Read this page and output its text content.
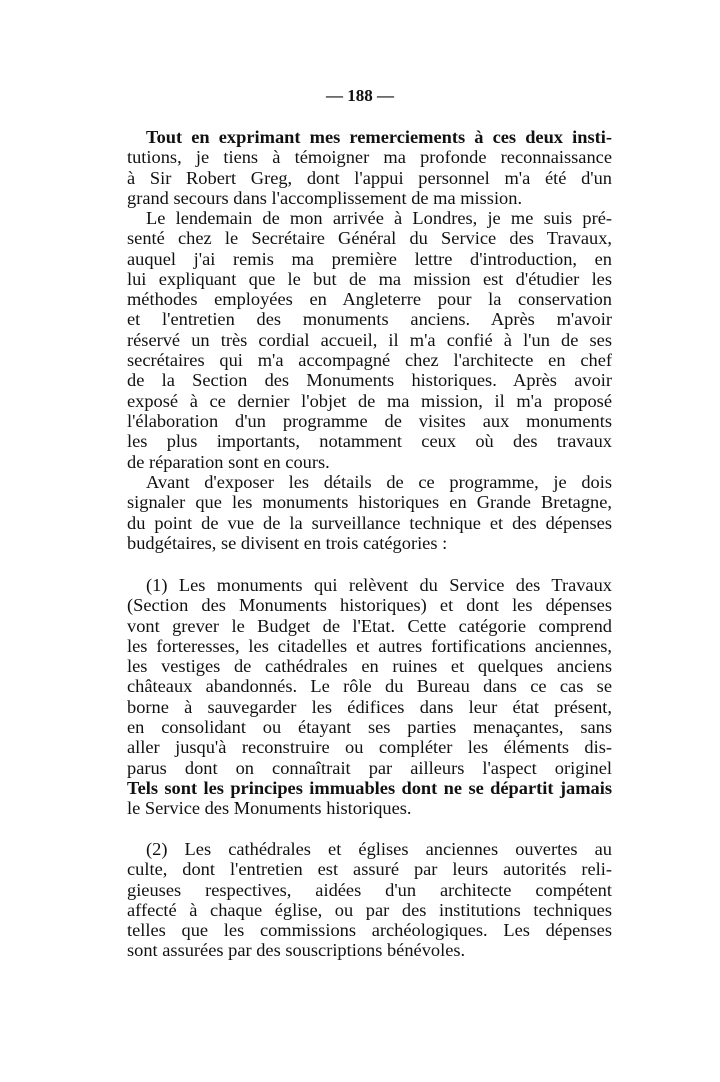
— 188 —
Tout en exprimant mes remerciements à ces deux insti-
tutions, je tiens à témoigner ma profonde reconnaissance
à Sir Robert Greg, dont l'appui personnel m'a été d'un
grand secours dans l'accomplissement de ma mission.
Le lendemain de mon arrivée à Londres, je me suis pré-
senté chez le Secrétaire Général du Service des Travaux,
auquel j'ai remis ma première lettre d'introduction, en
lui expliquant que le but de ma mission est d'étudier les
méthodes employées en Angleterre pour la conservation
et l'entretien des monuments anciens. Après m'avoir
réservé un très cordial accueil, il m'a confié à l'un de ses
secrétaires qui m'a accompagné chez l'architecte en chef
de la Section des Monuments historiques. Après avoir
exposé à ce dernier l'objet de ma mission, il m'a proposé
l'élaboration d'un programme de visites aux monuments
les plus importants, notamment ceux où des travaux
de réparation sont en cours.
Avant d'exposer les détails de ce programme, je dois
signaler que les monuments historiques en Grande Bretagne,
du point de vue de la surveillance technique et des dépenses
budgétaires, se divisent en trois catégories :
(1) Les monuments qui relèvent du Service des Travaux
(Section des Monuments historiques) et dont les dépenses
vont grever le Budget de l'Etat. Cette catégorie comprend
les forteresses, les citadelles et autres fortifications anciennes,
les vestiges de cathédrales en ruines et quelques anciens
châteaux abandonnés. Le rôle du Bureau dans ce cas se
borne à sauvegarder les édifices dans leur état présent,
en consolidant ou étayant ses parties menaçantes, sans
aller jusqu'à reconstruire ou compléter les éléments dis-
parus dont on connaîtrait par ailleurs l'aspect originel
Tels sont les principes immuables dont ne se départit jamais
le Service des Monuments historiques.
(2) Les cathédrales et églises anciennes ouvertes au
culte, dont l'entretien est assuré par leurs autorités reli-
gieuses respectives, aidées d'un architecte compétent
affecté à chaque église, ou par des institutions techniques
telles que les commissions archéologiques. Les dépenses
sont assurées par des souscriptions bénévoles.
